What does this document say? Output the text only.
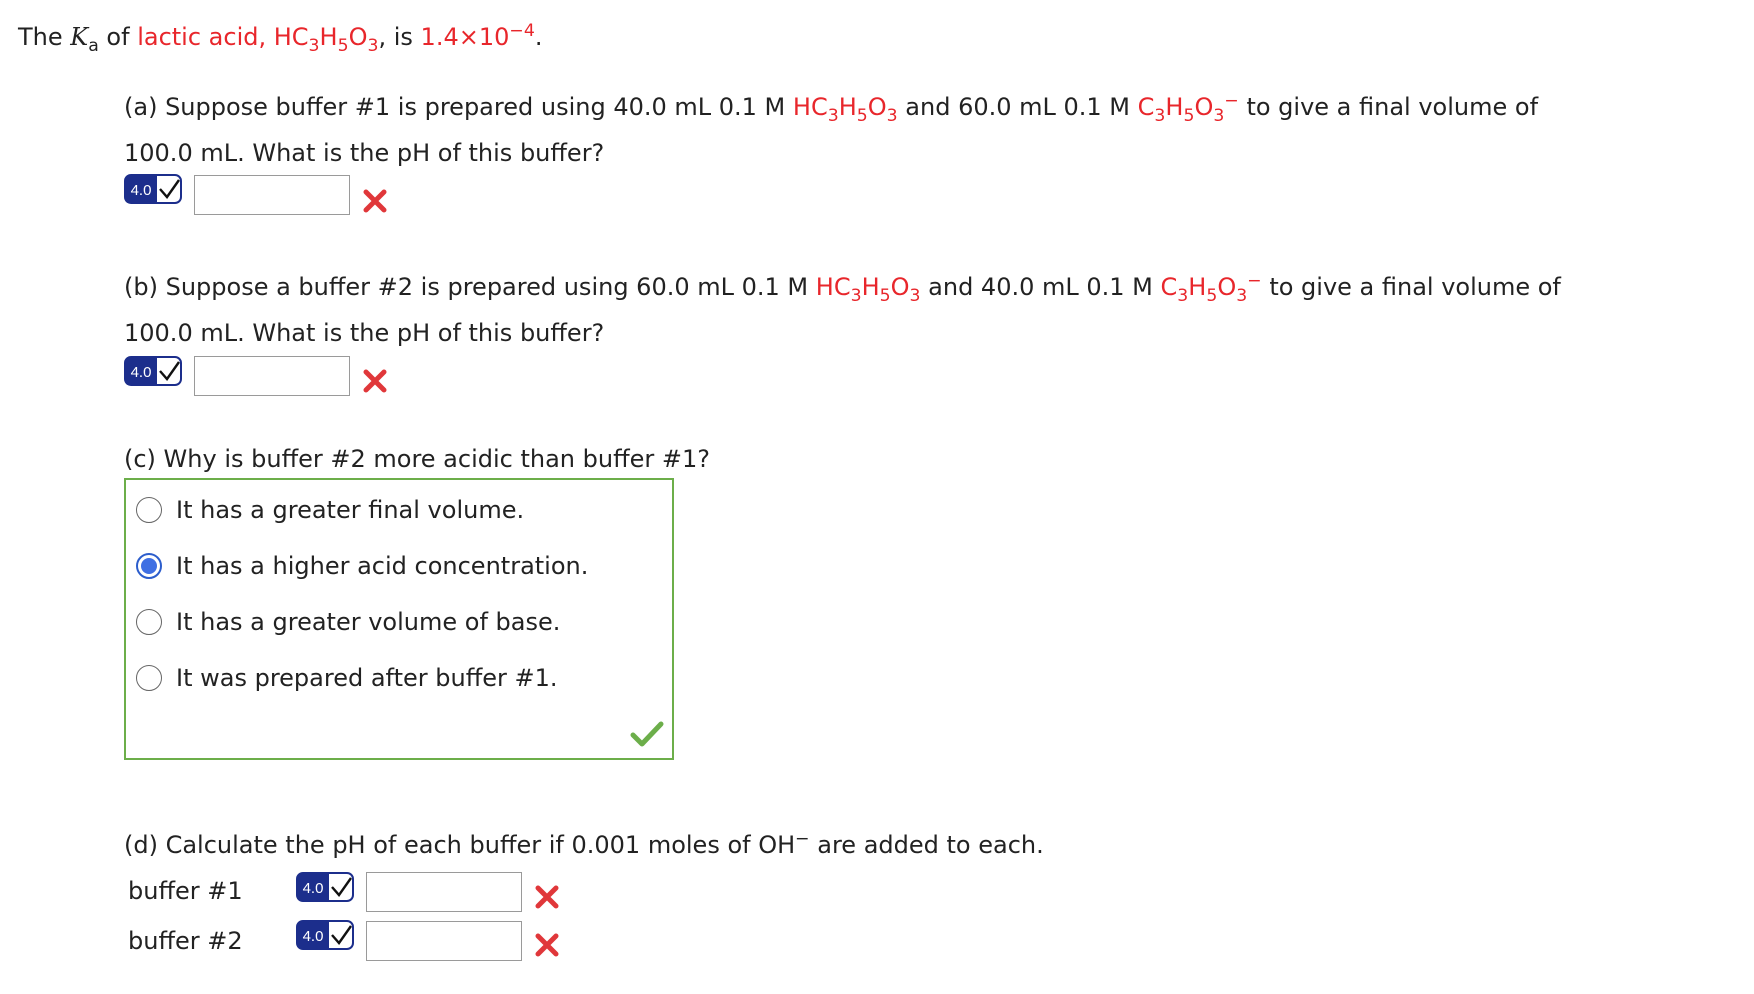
The $K_a$ of lactic acid, $HC_3H_5O_3$, is $1.4\times 10^{-4}$.
(a) Suppose buffer #1 is prepared using 40.0 mL 0.1 M $HC_3H_5O_3$ and 60.0 mL 0.1 M $C_3H_5O_3^-$ to give a final volume of
100.0 mL. What is the pH of this buffer?
4.0
(b) Suppose a buffer #2 is prepared using 60.0 mL 0.1 M $HC_3H_5O_3$ and 40.0 mL 0.1 M $C_3H_5O_3^-$ to give a final volume of
100.0 mL. What is the pH of this buffer?
4.0
(c) Why is buffer #2 more acidic than buffer #1?
It has a greater final volume.
It has a higher acid concentration.
It has a greater volume of base.
It was prepared after buffer #1.
(d) Calculate the pH of each buffer if 0.001 moles of OH− are added to each.
buffer #1	4.0
buffer #2	4.0
